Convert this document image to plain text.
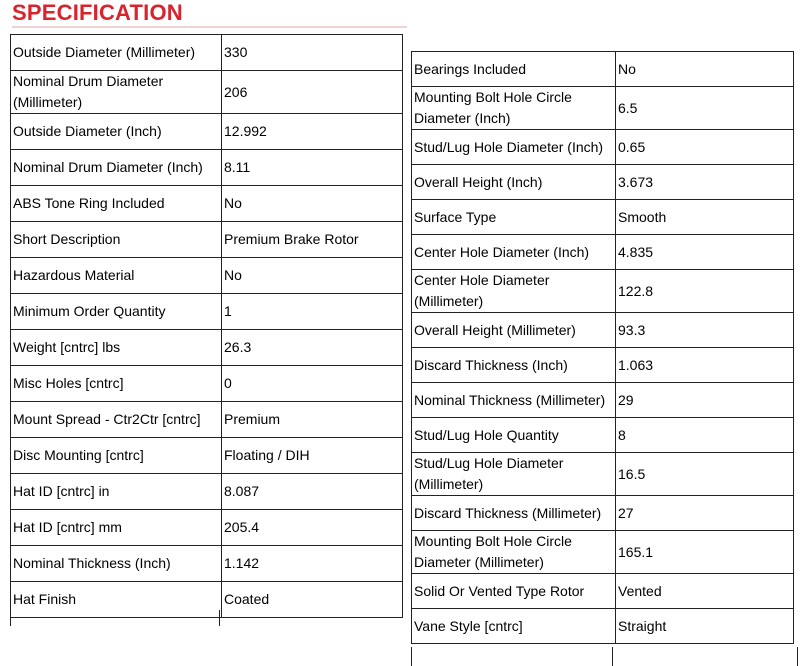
SPECIFICATION
Outside Diameter (Millimeter)	330
Nominal Drum Diameter (Millimeter)	206
Outside Diameter (Inch)	12.992
Nominal Drum Diameter (Inch)	8.11
ABS Tone Ring Included	No
Short Description	Premium Brake Rotor
Hazardous Material	No
Minimum Order Quantity	1
Weight [cntrc] lbs	26.3
Misc Holes [cntrc]	0
Mount Spread - Ctr2Ctr [cntrc]	Premium
Disc Mounting [cntrc]	Floating / DIH
Hat ID [cntrc] in	8.087
Hat ID [cntrc] mm	205.4
Nominal Thickness (Inch)	1.142
Hat Finish	Coated
Bearings Included	No
Mounting Bolt Hole Circle Diameter (Inch)	6.5
Stud/Lug Hole Diameter (Inch)	0.65
Overall Height (Inch)	3.673
Surface Type	Smooth
Center Hole Diameter (Inch)	4.835
Center Hole Diameter (Millimeter)	122.8
Overall Height (Millimeter)	93.3
Discard Thickness (Inch)	1.063
Nominal Thickness (Millimeter)	29
Stud/Lug Hole Quantity	8
Stud/Lug Hole Diameter (Millimeter)	16.5
Discard Thickness (Millimeter)	27
Mounting Bolt Hole Circle Diameter (Millimeter)	165.1
Solid Or Vented Type Rotor	Vented
Vane Style [cntrc]	Straight
